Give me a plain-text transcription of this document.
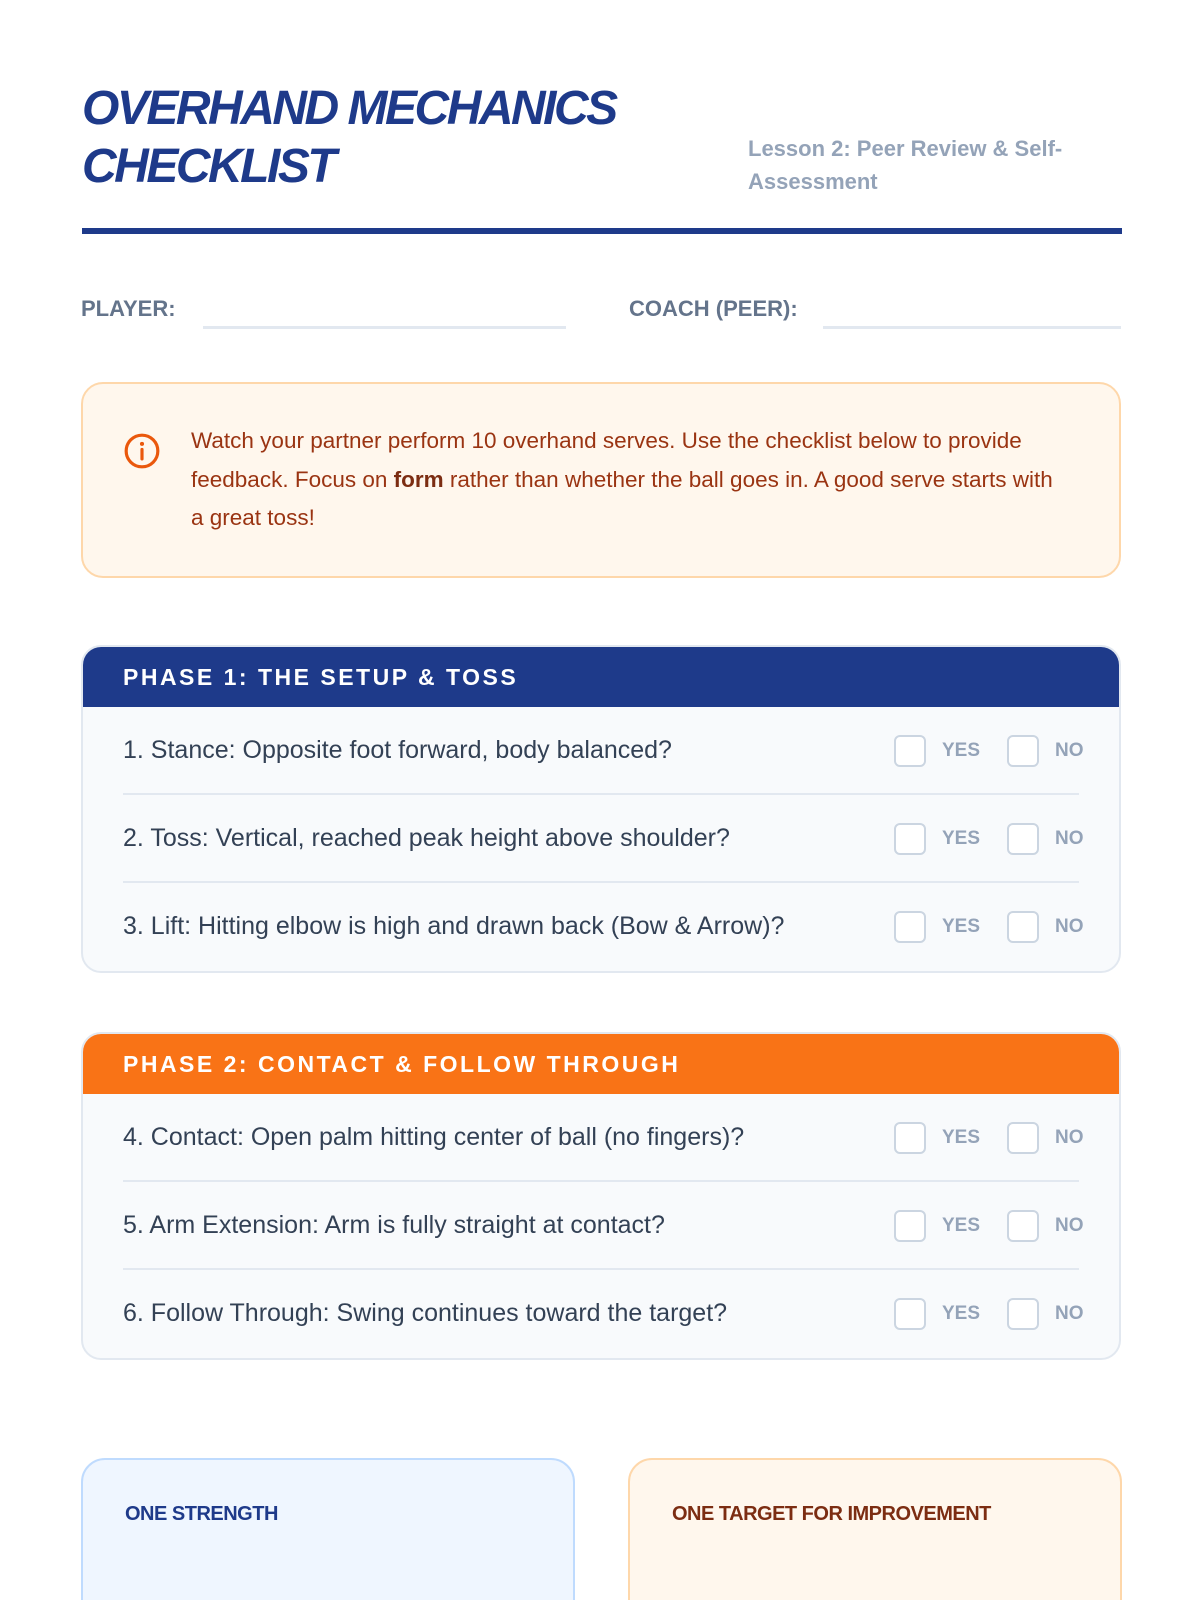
OVERHAND MECHANICS CHECKLIST	Lesson 2: Peer Review & Self-Assessment
PLAYER:	COACH (PEER):

Watch your partner perform 10 overhand serves. Use the checklist below to provide feedback. Focus on form rather than whether the ball goes in. A good serve starts with a great toss!

PHASE 1: THE SETUP & TOSS
1. Stance: Opposite foot forward, body balanced?	YES	NO
2. Toss: Vertical, reached peak height above shoulder?	YES	NO
3. Lift: Hitting elbow is high and drawn back (Bow & Arrow)?	YES	NO
PHASE 2: CONTACT & FOLLOW THROUGH
4. Contact: Open palm hitting center of ball (no fingers)?	YES	NO
5. Arm Extension: Arm is fully straight at contact?	YES	NO
6. Follow Through: Swing continues toward the target?	YES	NO
ONE STRENGTH	ONE TARGET FOR IMPROVEMENT
